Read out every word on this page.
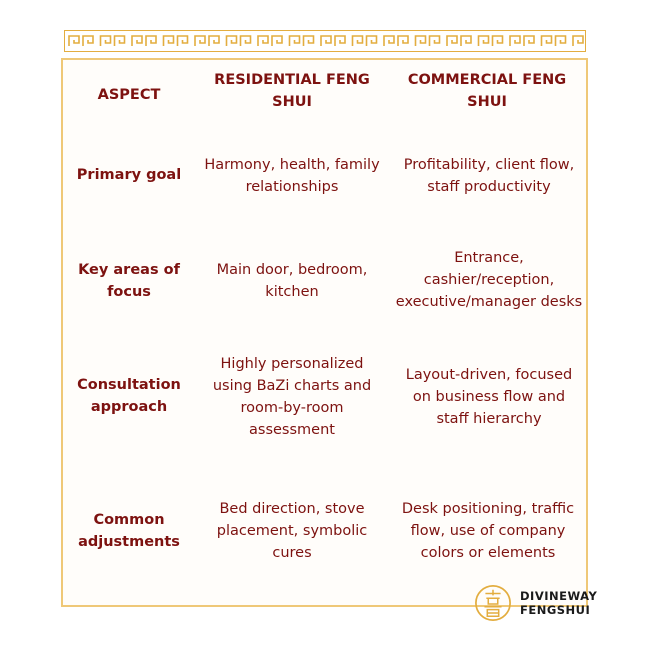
ASPECT
RESIDENTIAL FENG SHUI
COMMERCIAL FENG SHUI
Primary goal
Harmony, health, family relationships
Profitability, client flow, staff productivity
Key areas of focus
Main door, bedroom, kitchen
Entrance, cashier/reception, executive/manager desks
Consultation approach
Highly personalized using BaZi charts and room-by-room assessment
Layout-driven, focused on business flow and staff hierarchy
Common adjustments
Bed direction, stove placement, symbolic cures
Desk positioning, traffic flow, use of company colors or elements
DIVINEWAY
FENGSHUI
